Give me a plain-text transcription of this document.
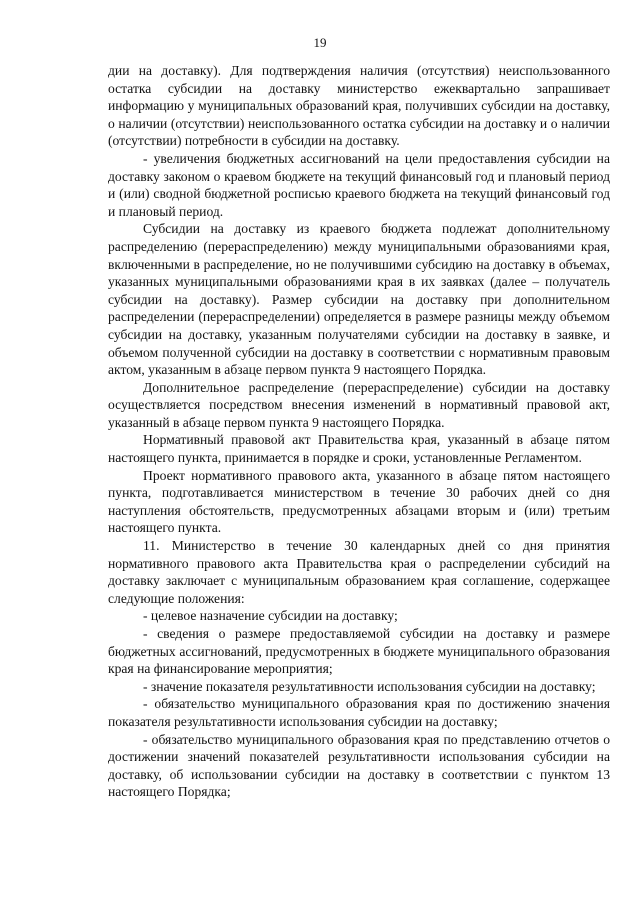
19

дии на доставку). Для подтверждения наличия (отсутствия) неиспользованного остатка субсидии на доставку министерство ежеквартально запрашивает информацию у муниципальных образований края, получивших субсидии на доставку, о наличии (отсутствии) неиспользованного остатка субсидии на доставку и о наличии (отсутствии) потребности в субсидии на доставку.

- увеличения бюджетных ассигнований на цели предоставления субсидии на доставку законом о краевом бюджете на текущий финансовый год и плановый период и (или) сводной бюджетной росписью краевого бюджета на текущий финансовый год и плановый период.

Субсидии на доставку из краевого бюджета подлежат дополнительному распределению (перераспределению) между муниципальными образованиями края, включенными в распределение, но не получившими субсидию на доставку в объемах, указанных муниципальными образованиями края в их заявках (далее – получатель субсидии на доставку). Размер субсидии на доставку при дополнительном распределении (перераспределении) определяется в размере разницы между объемом субсидии на доставку, указанным получателями субсидии на доставку в заявке, и объемом полученной субсидии на доставку в соответствии с нормативным правовым актом, указанным в абзаце первом пункта 9 настоящего Порядка.

Дополнительное распределение (перераспределение) субсидии на доставку осуществляется посредством внесения изменений в нормативный правовой акт, указанный в абзаце первом пункта 9 настоящего Порядка.

Нормативный правовой акт Правительства края, указанный в абзаце пятом настоящего пункта, принимается в порядке и сроки, установленные Регламентом.

Проект нормативного правового акта, указанного в абзаце пятом настоящего пункта, подготавливается министерством в течение 30 рабочих дней со дня наступления обстоятельств, предусмотренных абзацами вторым и (или) третьим настоящего пункта.

11. Министерство в течение 30 календарных дней со дня принятия нормативного правового акта Правительства края о распределении субсидий на доставку заключает с муниципальным образованием края соглашение, содержащее следующие положения:

- целевое назначение субсидии на доставку;

- сведения о размере предоставляемой субсидии на доставку и размере бюджетных ассигнований, предусмотренных в бюджете муниципального образования края на финансирование мероприятия;

- значение показателя результативности использования субсидии на доставку;

- обязательство муниципального образования края по достижению значения показателя результативности использования субсидии на доставку;

- обязательство муниципального образования края по представлению отчетов о достижении значений показателей результативности использования субсидии на доставку, об использовании субсидии на доставку в соответствии с пунктом 13 настоящего Порядка;
